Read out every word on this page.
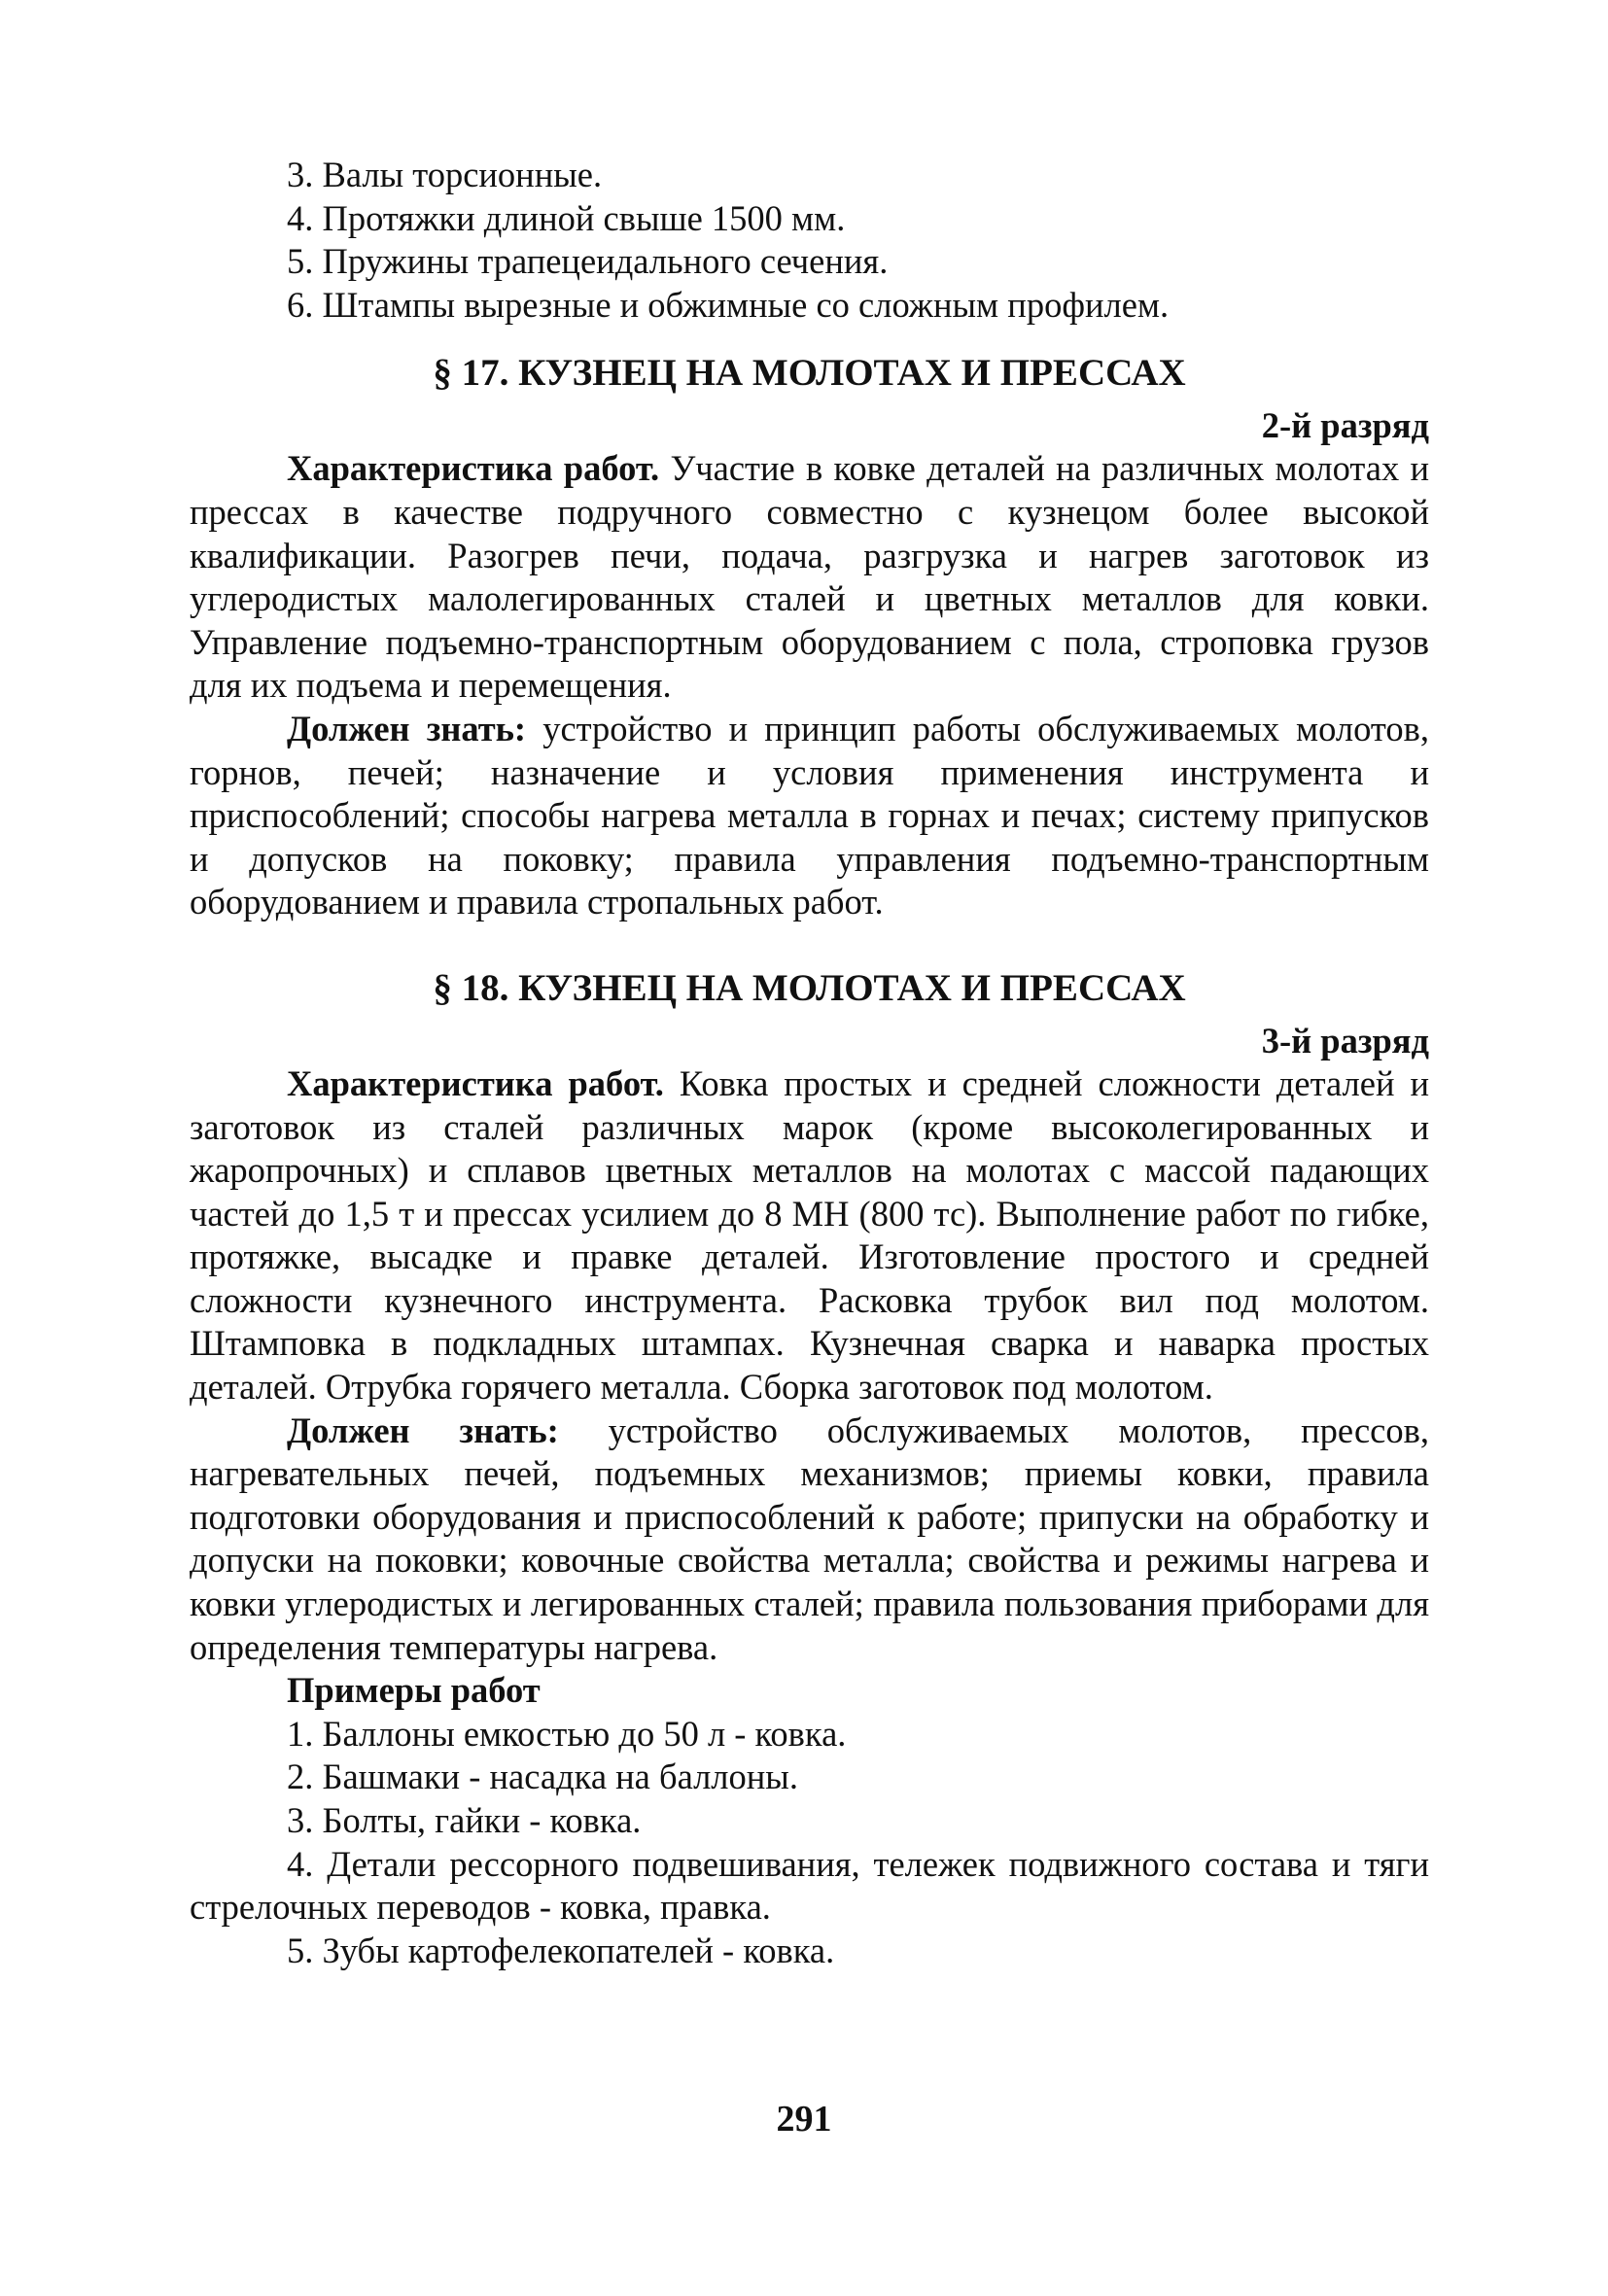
3. Валы торсионные.

4. Протяжки длиной свыше 1500 мм.

5. Пружины трапецеидального сечения.

6. Штампы вырезные и обжимные со сложным профилем.

§ 17. КУЗНЕЦ НА МОЛОТАХ И ПРЕССАХ
2-й разряд

Характеристика работ. Участие в ковке деталей на различных молотах и прессах в качестве подручного совместно с кузнецом более высокой квалификации. Разогрев печи, подача, разгрузка и нагрев заготовок из углеродистых малолегированных сталей и цветных металлов для ковки. Управление подъемно-транспортным оборудованием с пола, строповка грузов для их подъема и перемещения.

Должен знать: устройство и принцип работы обслуживаемых молотов, горнов, печей; назначение и условия применения инструмента и приспособлений; способы нагрева металла в горнах и печах; систему припусков и допусков на поковку; правила управления подъемно-транспортным оборудованием и правила стропальных работ.

§ 18. КУЗНЕЦ НА МОЛОТАХ И ПРЕССАХ
3-й разряд

Характеристика работ. Ковка простых и средней сложности деталей и заготовок из сталей различных марок (кроме высоколегированных и жаропрочных) и сплавов цветных металлов на молотах с массой падающих частей до 1,5 т и прессах усилием до 8 МН (800 тс). Выполнение работ по гибке, протяжке, высадке и правке деталей. Изготовление простого и средней сложности кузнечного инструмента. Расковка трубок вил под молотом. Штамповка в подкладных штампах. Кузнечная сварка и наварка простых деталей. Отрубка горячего металла. Сборка заготовок под молотом.

Должен знать: устройство обслуживаемых молотов, прессов, нагревательных печей, подъемных механизмов; приемы ковки, правила подготовки оборудования и приспособлений к работе; припуски на обработку и допуски на поковки; ковочные свойства металла; свойства и режимы нагрева и ковки углеродистых и легированных сталей; правила пользования приборами для определения температуры нагрева.

Примеры работ

1. Баллоны емкостью до 50 л - ковка.

2. Башмаки - насадка на баллоны.

3. Болты, гайки - ковка.

4. Детали рессорного подвешивания, тележек подвижного состава и тяги стрелочных переводов - ковка, правка.

5. Зубы картофелекопателей - ковка.

291
